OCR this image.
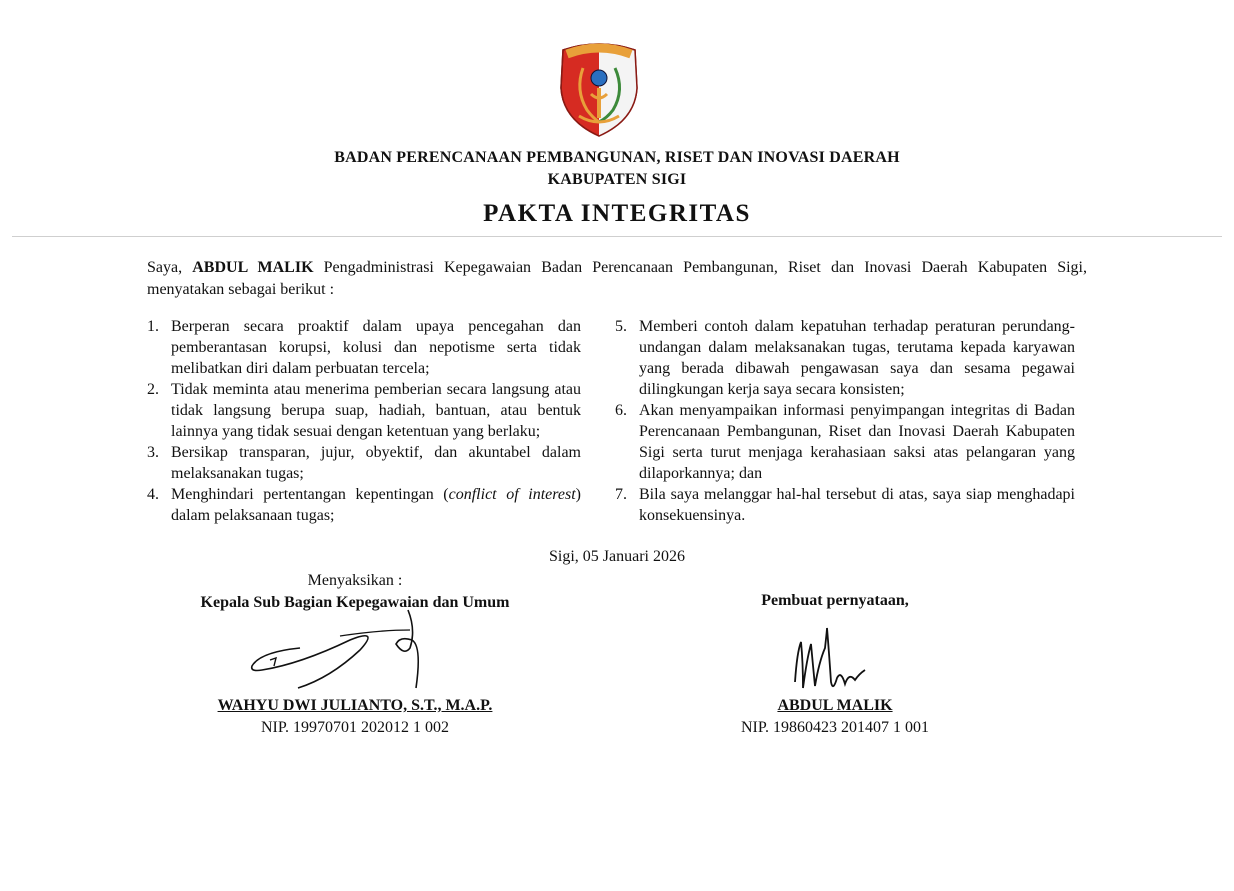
BADAN PERENCANAAN PEMBANGUNAN, RISET DAN INOVASI DAERAH
KABUPATEN SIGI
PAKTA INTEGRITAS
Saya, ABDUL MALIK Pengadministrasi Kepegawaian Badan Perencanaan Pembangunan, Riset dan Inovasi Daerah Kabupaten Sigi, menyatakan sebagai berikut :
1. Berperan secara proaktif dalam upaya pencegahan dan pemberantasan korupsi, kolusi dan nepotisme serta tidak melibatkan diri dalam perbuatan tercela;
2. Tidak meminta atau menerima pemberian secara langsung atau tidak langsung berupa suap, hadiah, bantuan, atau bentuk lainnya yang tidak sesuai dengan ketentuan yang berlaku;
3. Bersikap transparan, jujur, obyektif, dan akuntabel dalam melaksanakan tugas;
4. Menghindari pertentangan kepentingan (conflict of interest) dalam pelaksanaan tugas;
5. Memberi contoh dalam kepatuhan terhadap peraturan perundang-undangan dalam melaksanakan tugas, terutama kepada karyawan yang berada dibawah pengawasan saya dan sesama pegawai dilingkungan kerja saya secara konsisten;
6. Akan menyampaikan informasi penyimpangan integritas di Badan Perencanaan Pembangunan, Riset dan Inovasi Daerah Kabupaten Sigi serta turut menjaga kerahasiaan saksi atas pelangaran yang dilaporkannya; dan
7. Bila saya melanggar hal-hal tersebut di atas, saya siap menghadapi konsekuensinya.
Sigi, 05 Januari 2026
Menyaksikan :
Kepala Sub Bagian Kepegawaian dan Umum	Pembuat pernyataan,
WAHYU DWI JULIANTO, S.T., M.A.P.
NIP. 19970701 202012 1 002
ABDUL MALIK
NIP. 19860423 201407 1 001
